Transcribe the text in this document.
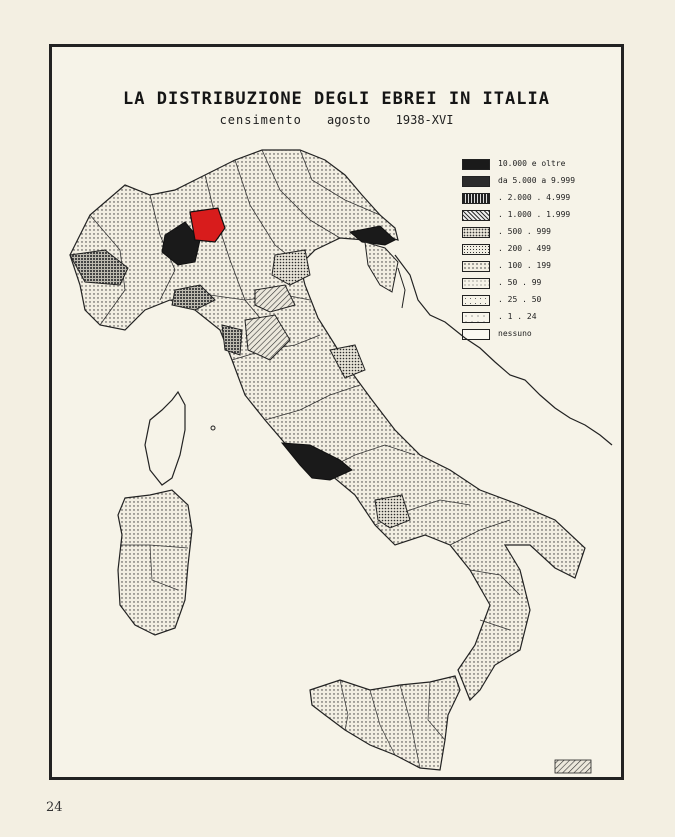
LA DISTRIBUZIONE DEGLI EBREI IN ITALIA
censimento agosto 1938-XVI
10.000 e oltre
da 5.000 a 9.999
. 2.000 . 4.999
. 1.000 . 1.999
. 500 . 999
. 200 . 499
. 100 . 199
. 50 . 99
. 25 . 50
. 1 . 24
nessuno
24
